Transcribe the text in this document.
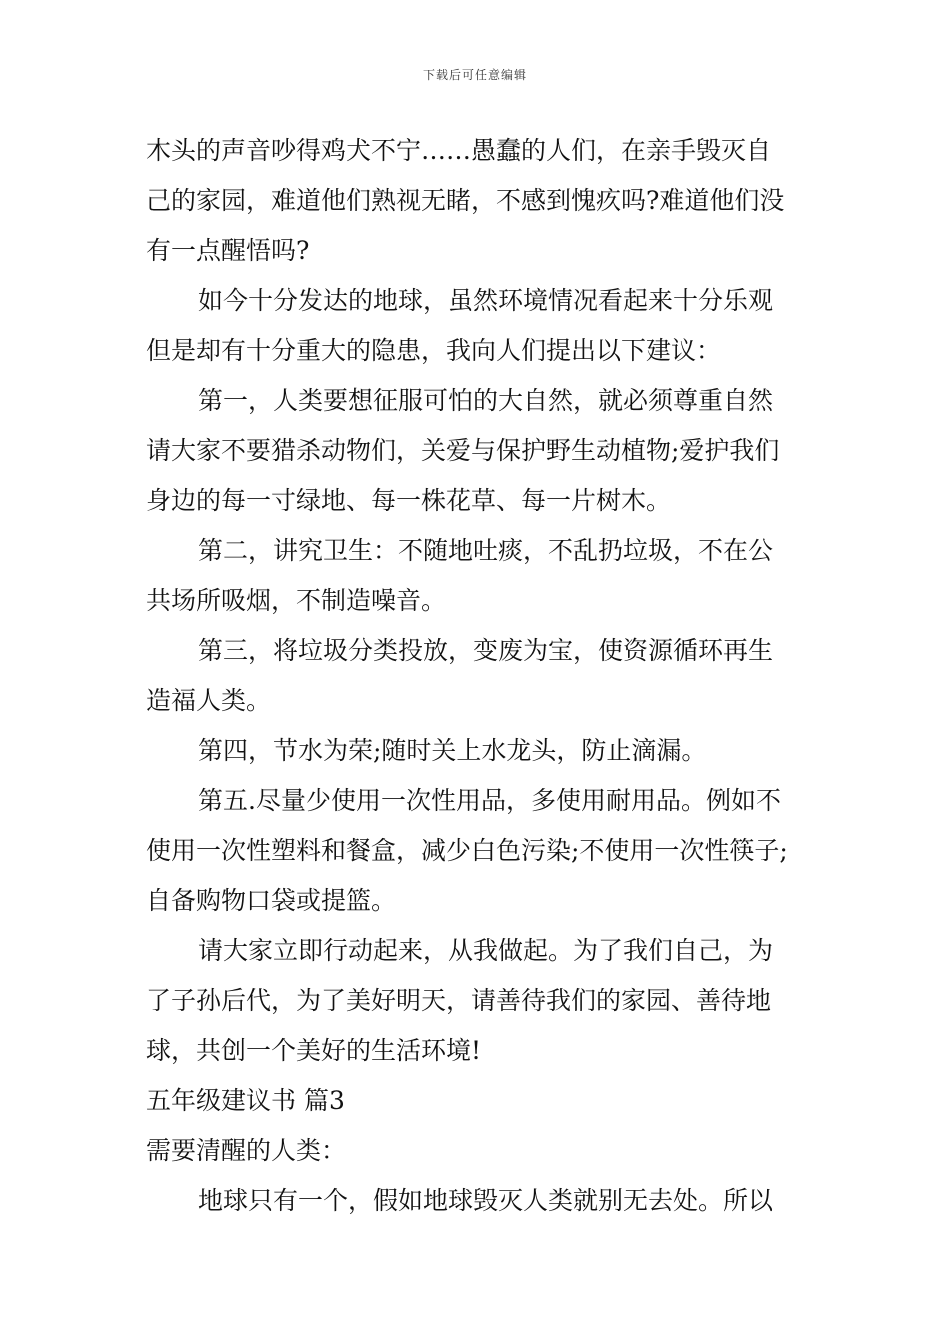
下载后可任意编辑
木头的声音吵得鸡犬不宁……愚蠢的人们，在亲手毁灭自
己的家园，难道他们熟视无睹，不感到愧疚吗?难道他们没
有一点醒悟吗?
如今十分发达的地球，虽然环境情况看起来十分乐观
但是却有十分重大的隐患，我向人们提出以下建议：
第一，人类要想征服可怕的大自然，就必须尊重自然
请大家不要猎杀动物们，关爱与保护野生动植物;爱护我们
身边的每一寸绿地、每一株花草、每一片树木。
第二，讲究卫生：不随地吐痰，不乱扔垃圾，不在公
共场所吸烟，不制造噪音。
第三，将垃圾分类投放，变废为宝，使资源循环再生
造福人类。
第四，节水为荣;随时关上水龙头，防止滴漏。
第五.尽量少使用一次性用品，多使用耐用品。例如不
使用一次性塑料和餐盒，减少白色污染;不使用一次性筷子;
自备购物口袋或提篮。
请大家立即行动起来，从我做起。为了我们自己，为
了子孙后代，为了美好明天，请善待我们的家园、善待地
球，共创一个美好的生活环境!
五年级建议书 篇3
需要清醒的人类：
地球只有一个，假如地球毁灭人类就别无去处。所以
